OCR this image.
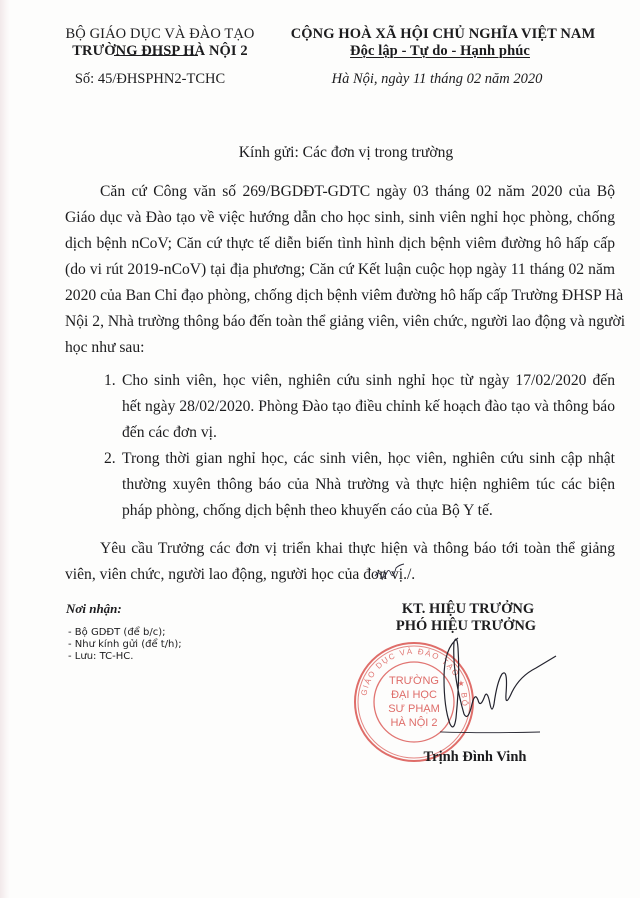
BỘ GIÁO DỤC VÀ ĐÀO TẠO
TRƯỜNG ĐHSP HÀ NỘI 2
Số: 45/ĐHSPHN2-TCHC
CỘNG HOÀ XÃ HỘI CHỦ NGHĨA VIỆT NAM
Độc lập - Tự do - Hạnh phúc
Hà Nội, ngày 11 tháng 02 năm 2020
Kính gửi: Các đơn vị trong trường
Căn cứ Công văn số 269/BGDĐT-GDTC ngày 03 tháng 02 năm 2020 của Bộ
Giáo dục và Đào tạo về việc hướng dẫn cho học sinh, sinh viên nghỉ học phòng, chống
dịch bệnh nCoV; Căn cứ thực tế diễn biến tình hình dịch bệnh viêm đường hô hấp cấp
(do vi rút 2019-nCoV) tại địa phương; Căn cứ Kết luận cuộc họp ngày 11 tháng 02 năm
2020 của Ban Chỉ đạo phòng, chống dịch bệnh viêm đường hô hấp cấp Trường ĐHSP Hà
Nội 2, Nhà trường thông báo đến toàn thể giảng viên, viên chức, người lao động và người
học như sau:
1. Cho sinh viên, học viên, nghiên cứu sinh nghỉ học từ ngày 17/02/2020 đến
hết ngày 28/02/2020. Phòng Đào tạo điều chỉnh kế hoạch đào tạo và thông báo
đến các đơn vị.
2. Trong thời gian nghỉ học, các sinh viên, học viên, nghiên cứu sinh cập nhật
thường xuyên thông báo của Nhà trường và thực hiện nghiêm túc các biện
pháp phòng, chống dịch bệnh theo khuyến cáo của Bộ Y tế.
Yêu cầu Trưởng các đơn vị triển khai thực hiện và thông báo tới toàn thể giảng
viên, viên chức, người lao động, người học của đơn vị./.
Nơi nhận:
- Bộ GDĐT (để b/c);
- Như kính gửi (để t/h);
- Lưu: TC-HC.
KT. HIỆU TRƯỞNG
PHÓ HIỆU TRƯỞNG
GIÁO DỤC VÀ ĐÀO TẠO ★ BỘ
TRƯỜNG
ĐẠI HỌC
SƯ PHẠM
HÀ NỘI 2
Trịnh Đình Vinh
